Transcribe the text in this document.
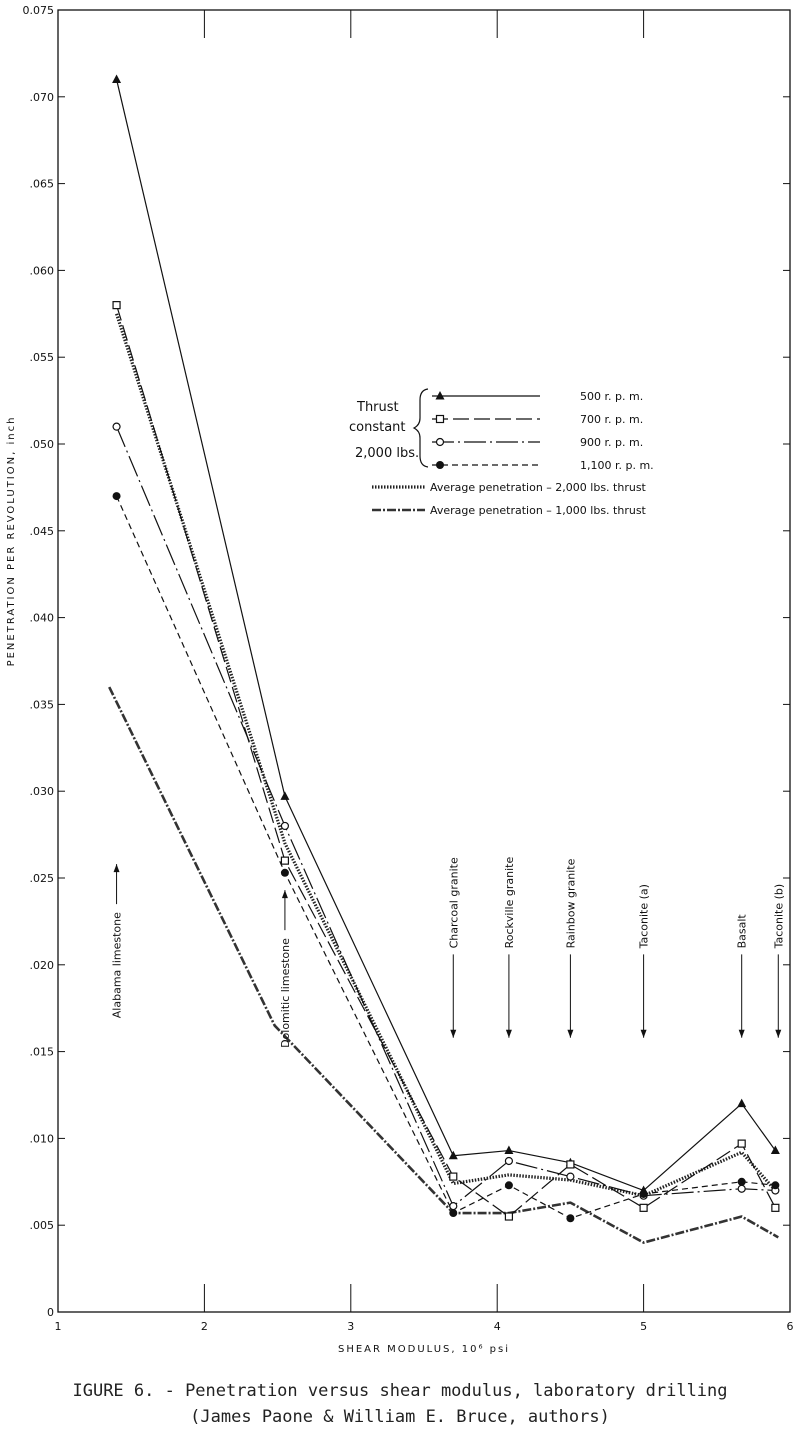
0
.005
.010
.015
.020
.025
.030
.035
.040
.045
.050
.055
.060
.065
.070
0.075
1	2	3	4	5	6
SHEAR MODULUS, 10⁶ psi
PENETRATION PER REVOLUTION, inch
Alabama limestone	Dolomitic limestone
Charcoal granite	Rockville granite	Rainbow granite	Taconite (a)	Basalt Taconite (b)
Thrust
constant
2,000 lbs.
500 r. p. m.
700 r. p. m.
900 r. p. m.
1,100 r. p. m.
Average penetration – 2,000 lbs. thrust
Average penetration – 1,000 lbs. thrust
IGURE 6. - Penetration versus shear modulus, laboratory drilling
(James Paone & William E. Bruce, authors)
